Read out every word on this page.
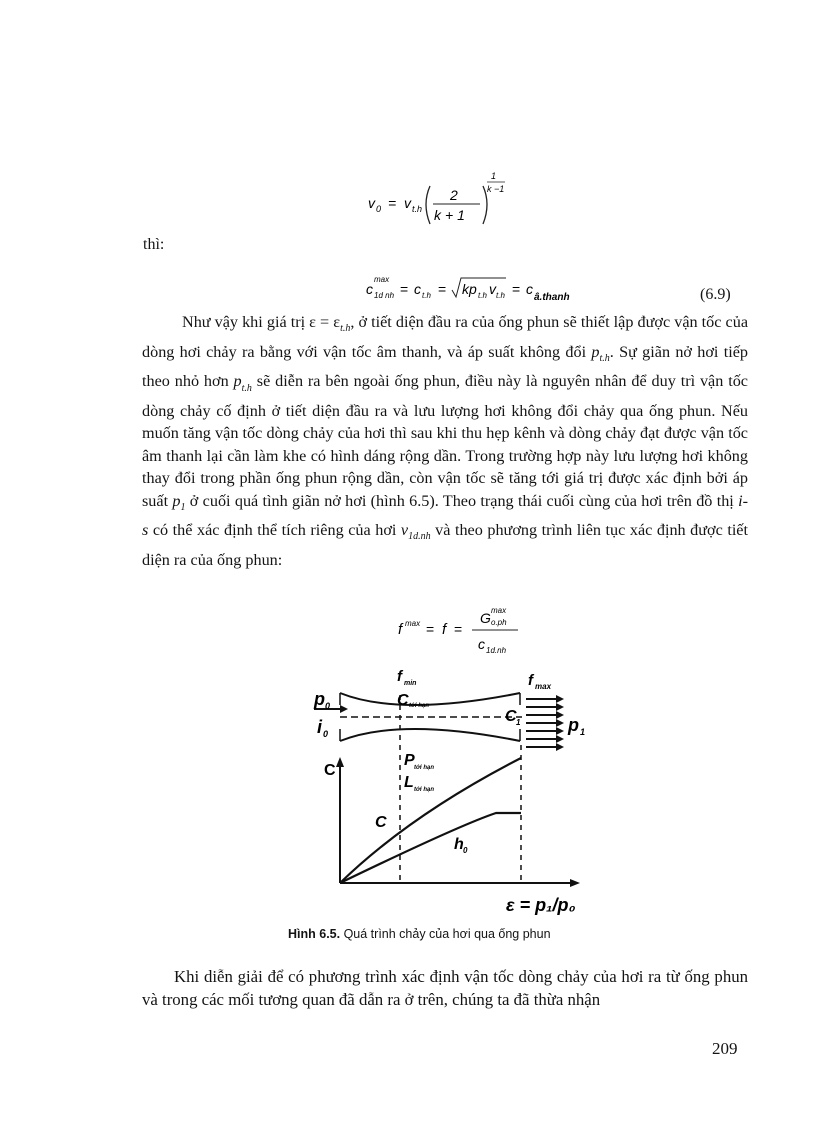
v 0 = v t.h
2
k + 1
1
k −1
thì:
c
max
1d nh = c t.h = kp t.h v t.h = c
â.thanh	(6.9)

Như vậy khi giá trị $\varepsilon = \varepsilon_{t.h}$, ở tiết diện đầu ra của ống phun sẽ thiết lập được vận tốc của dòng hơi chảy ra bằng với vận tốc âm thanh, và áp suất không đổi $p_{t.h}$. Sự giãn nở hơi tiếp theo nhỏ hơn $p_{t.h}$ sẽ diễn ra bên ngoài ống phun, điều này là nguyên nhân để duy trì vận tốc dòng chảy cố định ở tiết diện đầu ra và lưu lượng hơi không đổi chảy qua ống phun. Nếu muốn tăng vận tốc dòng chảy của hơi thì sau khi thu hẹp kênh và dòng chảy đạt được vận tốc âm thanh lại cần làm khe có hình dáng rộng dần. Trong trường hợp này lưu lượng hơi không thay đổi trong phần ống phun rộng dần, còn vận tốc sẽ tăng tới giá trị được xác định bởi áp suất $p_1$ ở cuối quá tình giãn nở hơi (hình 6.5). Theo trạng thái cuối cùng của hơi trên đồ thị i-s có thể xác định thể tích riêng của hơi $v_{1d.nh}$ và theo phương trình liên tục xác định được tiết diện ra của ống phun:

f max = f =
G max
o.ph
c 1d.nh
f min	f max
p 0
i 0
C tới hạn
C 1	p 1
P tới hạn
L tới hạn
C
C
h 0
ε = p₁/p₀
Hình 6.5. Quá trình chảy của hơi qua ống phun

Khi diễn giải để có phương trình xác định vận tốc dòng chảy của hơi ra từ ống phun và trong các mối tương quan đã dẫn ra ở trên, chúng ta đã thừa nhận

209
